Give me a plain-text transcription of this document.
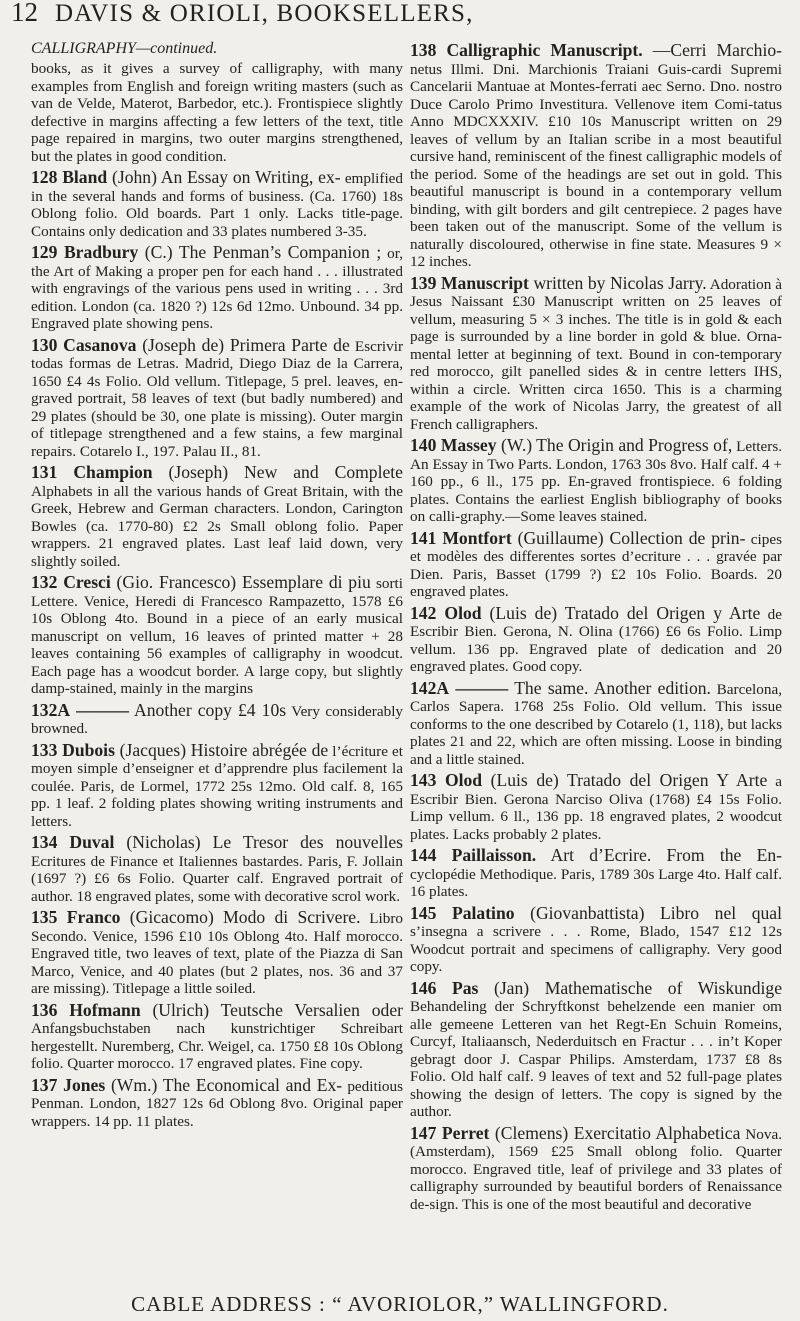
12 DAVIS & ORIOLI, BOOKSELLERS,
CALLIGRAPHY—continued.
books, as it gives a survey of calligraphy, with many examples from English and foreign writing masters (such as van de Velde, Materot, Barbedor, etc.). Frontispiece slightly defective in margins affecting a few letters of the text, title page repaired in margins, two outer margins strengthened, but the plates in good condition.
128 Bland (John) An Essay on Writing, ex- emplified in the several hands and forms of business. (Ca. 1760) 18s Oblong folio. Old boards. Part 1 only. Lacks title-page. Contains only dedication and 33 plates numbered 3-35.
129 Bradbury (C.) The Penman’s Companion ; or, the Art of Making a proper pen for each hand . . . illustrated with engravings of the various pens used in writing . . . 3rd edition. London (ca. 1820 ?) 12s 6d 12mo. Unbound. 34 pp. Engraved plate showing pens.
130 Casanova (Joseph de) Primera Parte de Escrivir todas formas de Letras. Madrid, Diego Diaz de la Carrera, 1650 £4 4s Folio. Old vellum. Titlepage, 5 prel. leaves, en-graved portrait, 58 leaves of text (but badly numbered) and 29 plates (should be 30, one plate is missing). Outer margin of titlepage strengthened and a few stains, a few marginal repairs. Cotarelo I., 197. Palau II., 81.
131 Champion (Joseph) New and Complete Alphabets in all the various hands of Great Britain, with the Greek, Hebrew and German characters. London, Carington Bowles (ca. 1770-80) £2 2s Small oblong folio. Paper wrappers. 21 engraved plates. Last leaf laid down, very slightly soiled.
132 Cresci (Gio. Francesco) Essemplare di piu sorti Lettere. Venice, Heredi di Francesco Rampazetto, 1578 £6 10s Oblong 4to. Bound in a piece of an early musical manuscript on vellum, 16 leaves of printed matter + 28 leaves containing 56 examples of calligraphy in woodcut. Each page has a woodcut border. A large copy, but slightly damp-stained, mainly in the margins
132A ——— Another copy £4 10s Very considerably browned.
133 Dubois (Jacques) Histoire abrégée de l’écriture et moyen simple d’enseigner et d’apprendre plus facilement la coulée. Paris, de Lormel, 1772 25s 12mo. Old calf. 8, 165 pp. 1 leaf. 2 folding plates showing writing instruments and letters.
134 Duval (Nicholas) Le Tresor des nouvelles Ecritures de Finance et Italiennes bastardes. Paris, F. Jollain (1697 ?) £6 6s Folio. Quarter calf. Engraved portrait of author. 18 engraved plates, some with decorative scrol work.
135 Franco (Gicacomo) Modo di Scrivere. Libro Secondo. Venice, 1596 £10 10s Oblong 4to. Half morocco. Engraved title, two leaves of text, plate of the Piazza di San Marco, Venice, and 40 plates (but 2 plates, nos. 36 and 37 are missing). Titlepage a little soiled.
136 Hofmann (Ulrich) Teutsche Versalien oder Anfangsbuchstaben nach kunstrichtiger Schreibart hergestellt. Nuremberg, Chr. Weigel, ca. 1750 £8 10s Oblong folio. Quarter morocco. 17 engraved plates. Fine copy.
137 Jones (Wm.) The Economical and Ex- peditious Penman. London, 1827 12s 6d Oblong 8vo. Original paper wrappers. 14 pp. 11 plates.
138 Calligraphic Manuscript. —Cerri Marchio- netus Illmi. Dni. Marchionis Traiani Guis-cardi Supremi Cancelarii Mantuae at Montes-ferrati aec Serno. Dno. nostro Duce Carolo Primo Investitura. Vellenove item Comi-tatus Anno MDCXXXIV. £10 10s Manuscript written on 29 leaves of vellum by an Italian scribe in a most beautiful cursive hand, reminiscent of the finest calligraphic models of the period. Some of the headings are set out in gold. This beautiful manuscript is bound in a contemporary vellum binding, with gilt borders and gilt centrepiece. 2 pages have been taken out of the manuscript. Some of the vellum is naturally discoloured, otherwise in fine state. Measures 9 × 12 inches.
139 Manuscript written by Nicolas Jarry. Adoration à Jesus Naissant £30 Manuscript written on 25 leaves of vellum, measuring 5 × 3 inches. The title is in gold & each page is surrounded by a line border in gold & blue. Orna-mental letter at beginning of text. Bound in con-temporary red morocco, gilt panelled sides & in centre letters IHS, within a circle. Written circa 1650. This is a charming example of the work of Nicolas Jarry, the greatest of all French calligraphers.
140 Massey (W.) The Origin and Progress of, Letters. An Essay in Two Parts. London, 1763 30s 8vo. Half calf. 4 + 160 pp., 6 ll., 175 pp. En-graved frontispiece. 6 folding plates. Contains the earliest English bibliography of books on calli-graphy.—Some leaves stained.
141 Montfort (Guillaume) Collection de prin- cipes et modèles des differentes sortes d’ecriture . . . gravée par Dien. Paris, Basset (1799 ?) £2 10s Folio. Boards. 20 engraved plates.
142 Olod (Luis de) Tratado del Origen y Arte de Escribir Bien. Gerona, N. Olina (1766) £6 6s Folio. Limp vellum. 136 pp. Engraved plate of dedication and 20 engraved plates. Good copy.
142A ——— The same. Another edition. Barcelona, Carlos Sapera. 1768 25s Folio. Old vellum. This issue conforms to the one described by Cotarelo (1, 118), but lacks plates 21 and 22, which are often missing. Loose in binding and a little stained.
143 Olod (Luis de) Tratado del Origen Y Arte a Escribir Bien. Gerona Narciso Oliva (1768) £4 15s Folio. Limp vellum. 6 ll., 136 pp. 18 engraved plates, 2 woodcut plates. Lacks probably 2 plates.
144 Paillaisson. Art d’Ecrire. From the En- cyclopédie Methodique. Paris, 1789 30s Large 4to. Half calf. 16 plates.
145 Palatino (Giovanbattista) Libro nel qual s’insegna a scrivere . . . Rome, Blado, 1547 £12 12s Woodcut portrait and specimens of calligraphy. Very good copy.
146 Pas (Jan) Mathematische of Wiskundige Behandeling der Schryftkonst behelzende een manier om alle gemeene Letteren van het Regt-En Schuin Romeins, Curcyf, Italiaansch, Nederduitsch en Fractur . . . in’t Koper gebragt door J. Caspar Philips. Amsterdam, 1737 £8 8s Folio. Old half calf. 9 leaves of text and 52 full-page plates showing the design of letters. The copy is signed by the author.
147 Perret (Clemens) Exercitatio Alphabetica Nova. (Amsterdam), 1569 £25 Small oblong folio. Quarter morocco. Engraved title, leaf of privilege and 33 plates of calligraphy surrounded by beautiful borders of Renaissance de-sign. This is one of the most beautiful and decorative
CABLE ADDRESS : “ AVORIOLOR,” WALLINGFORD.
